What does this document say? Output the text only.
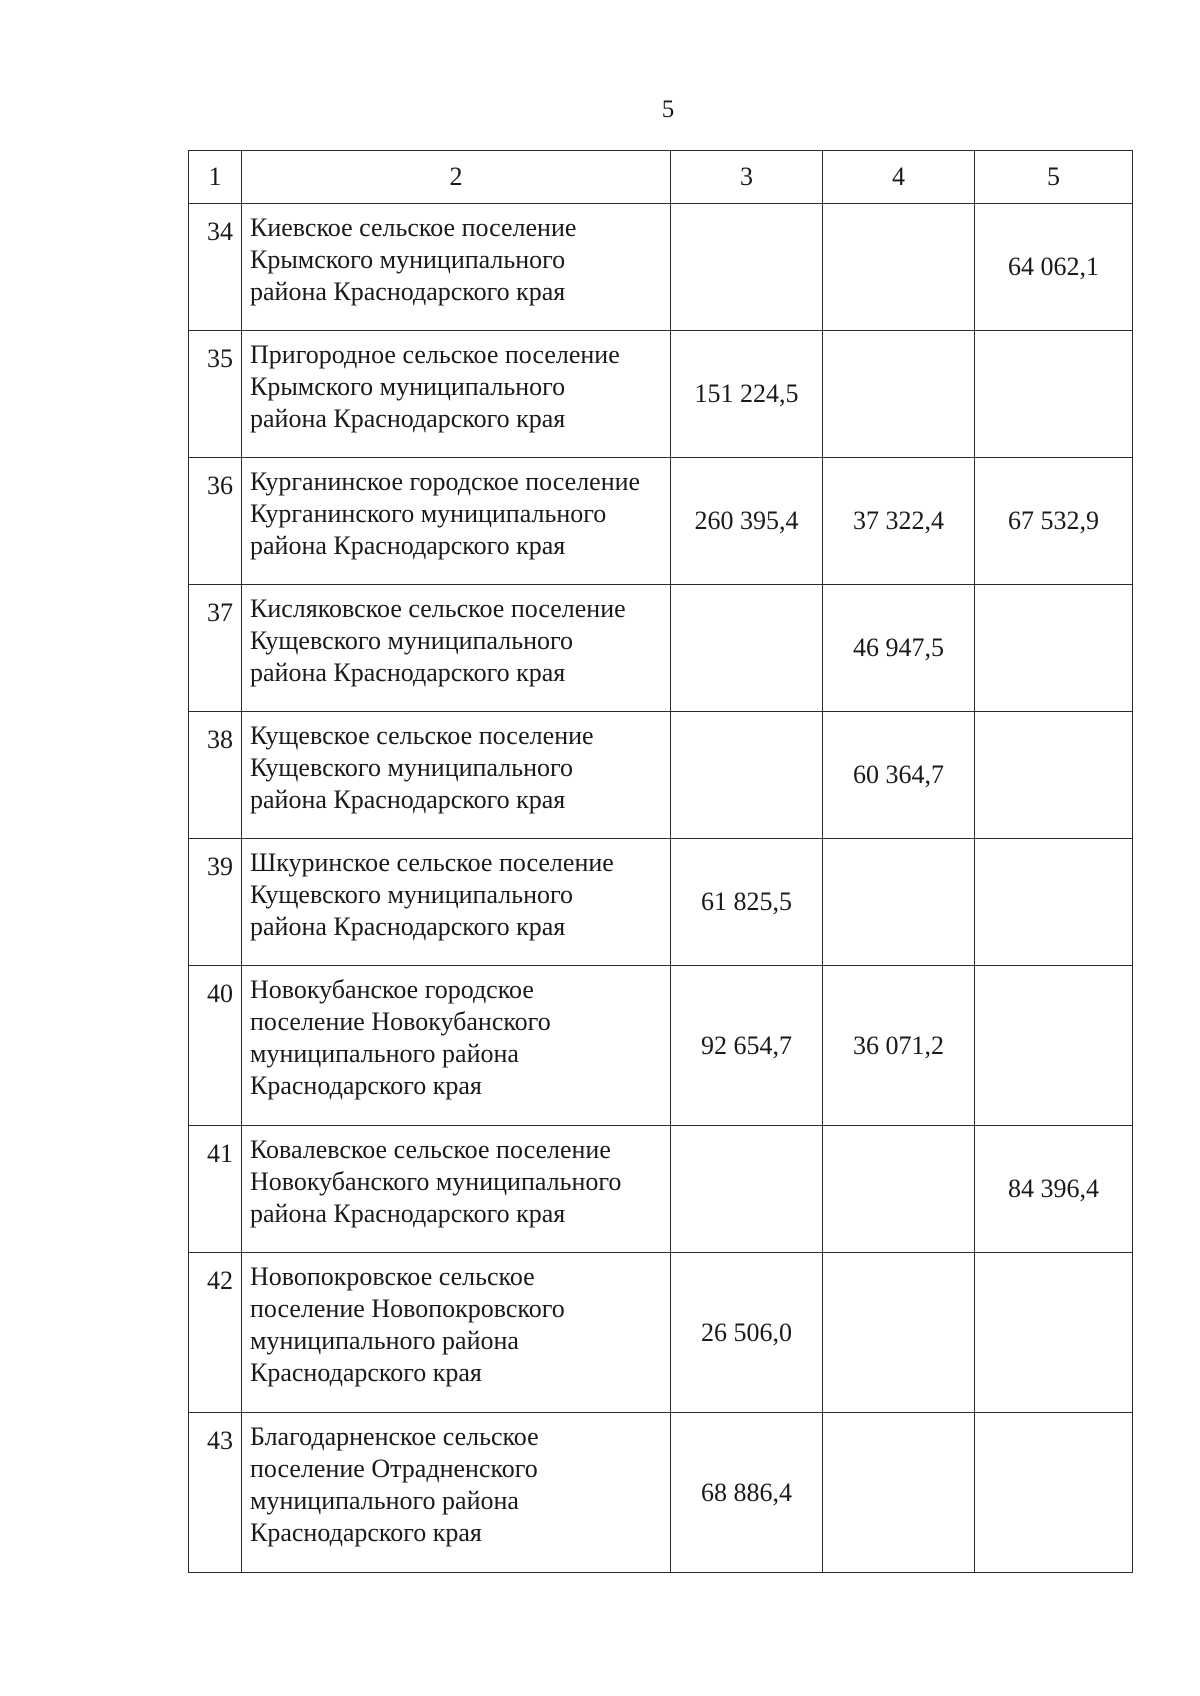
5
1	2	3	4	5
34	Киевское сельское поселение
Крымского муниципального
района Краснодарского края			64 062,1
35	Пригородное сельское поселение
Крымского муниципального
района Краснодарского края	151 224,5		
36	Курганинское городское поселение
Курганинского муниципального
района Краснодарского края	260 395,4	37 322,4	67 532,9
37	Кисляковское сельское поселение
Кущевского муниципального
района Краснодарского края		46 947,5	
38	Кущевское сельское поселение
Кущевского муниципального
района Краснодарского края		60 364,7	
39	Шкуринское сельское поселение
Кущевского муниципального
района Краснодарского края	61 825,5		
40	Новокубанское городское
поселение Новокубанского
муниципального района
Краснодарского края	92 654,7	36 071,2	
41	Ковалевское сельское поселение
Новокубанского муниципального
района Краснодарского края			84 396,4
42	Новопокровское сельское
поселение Новопокровского
муниципального района
Краснодарского края	26 506,0		
43	Благодарненское сельское
поселение Отрадненского
муниципального района
Краснодарского края	68 886,4		
